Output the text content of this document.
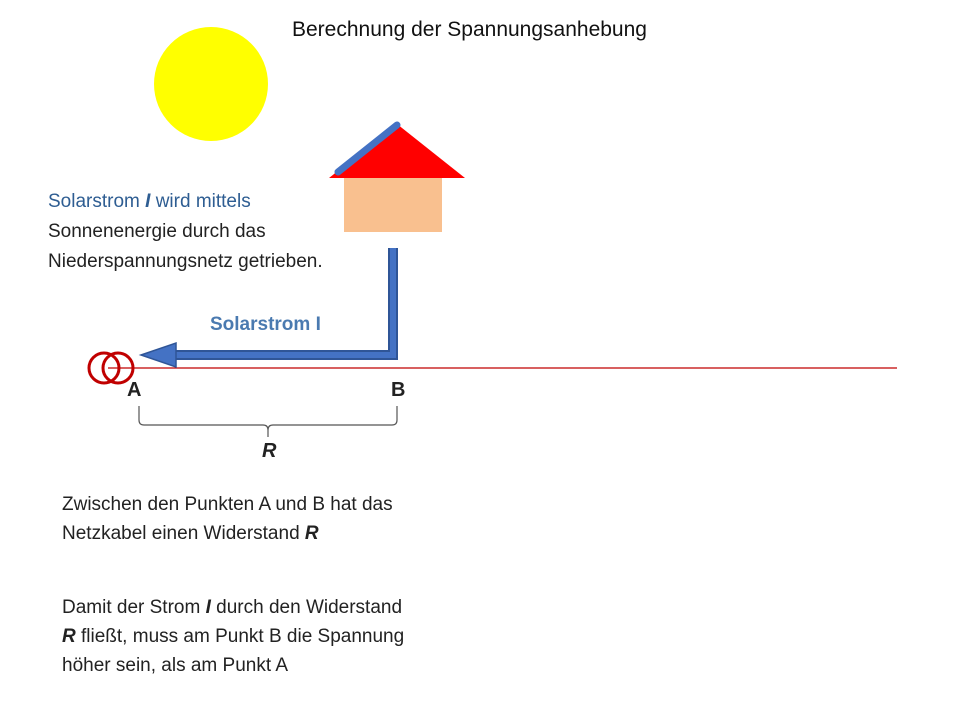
Berechnung der Spannungsanhebung
Solarstrom I wird mittels Sonnenenergie durch das Niederspannungsnetz getrieben.
Solarstrom I
A	B
R
Zwischen den Punkten A und B hat das Netzkabel einen Widerstand R
Damit der Strom I durch den Widerstand R fließt, muss am Punkt B die Spannung höher sein, als am Punkt A
